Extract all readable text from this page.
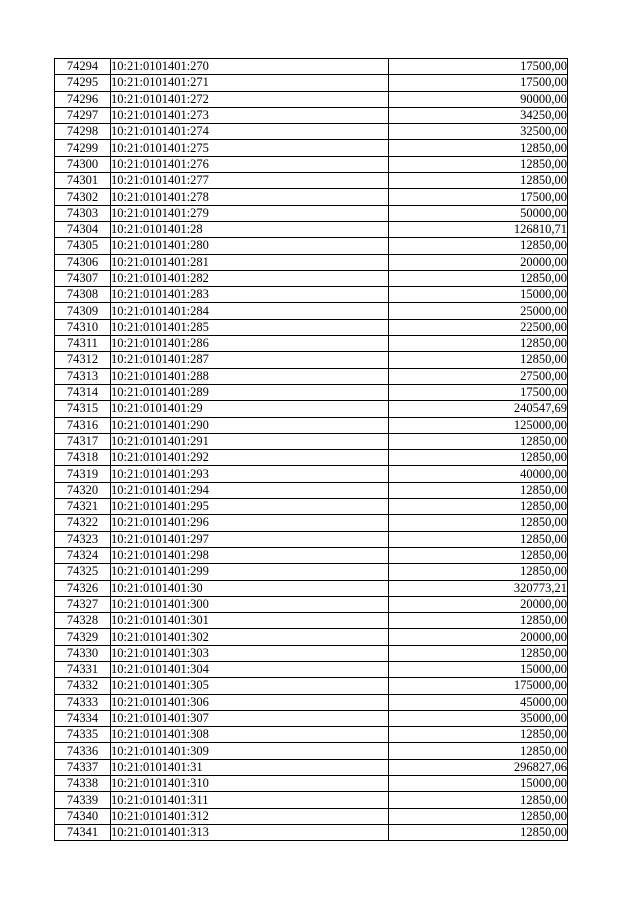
74294	10:21:0101401:270	17500,00
74295	10:21:0101401:271	17500,00
74296	10:21:0101401:272	90000,00
74297	10:21:0101401:273	34250,00
74298	10:21:0101401:274	32500,00
74299	10:21:0101401:275	12850,00
74300	10:21:0101401:276	12850,00
74301	10:21:0101401:277	12850,00
74302	10:21:0101401:278	17500,00
74303	10:21:0101401:279	50000,00
74304	10:21:0101401:28	126810,71
74305	10:21:0101401:280	12850,00
74306	10:21:0101401:281	20000,00
74307	10:21:0101401:282	12850,00
74308	10:21:0101401:283	15000,00
74309	10:21:0101401:284	25000,00
74310	10:21:0101401:285	22500,00
74311	10:21:0101401:286	12850,00
74312	10:21:0101401:287	12850,00
74313	10:21:0101401:288	27500,00
74314	10:21:0101401:289	17500,00
74315	10:21:0101401:29	240547,69
74316	10:21:0101401:290	125000,00
74317	10:21:0101401:291	12850,00
74318	10:21:0101401:292	12850,00
74319	10:21:0101401:293	40000,00
74320	10:21:0101401:294	12850,00
74321	10:21:0101401:295	12850,00
74322	10:21:0101401:296	12850,00
74323	10:21:0101401:297	12850,00
74324	10:21:0101401:298	12850,00
74325	10:21:0101401:299	12850,00
74326	10:21:0101401:30	320773,21
74327	10:21:0101401:300	20000,00
74328	10:21:0101401:301	12850,00
74329	10:21:0101401:302	20000,00
74330	10:21:0101401:303	12850,00
74331	10:21:0101401:304	15000,00
74332	10:21:0101401:305	175000,00
74333	10:21:0101401:306	45000,00
74334	10:21:0101401:307	35000,00
74335	10:21:0101401:308	12850,00
74336	10:21:0101401:309	12850,00
74337	10:21:0101401:31	296827,06
74338	10:21:0101401:310	15000,00
74339	10:21:0101401:311	12850,00
74340	10:21:0101401:312	12850,00
74341	10:21:0101401:313	12850,00
